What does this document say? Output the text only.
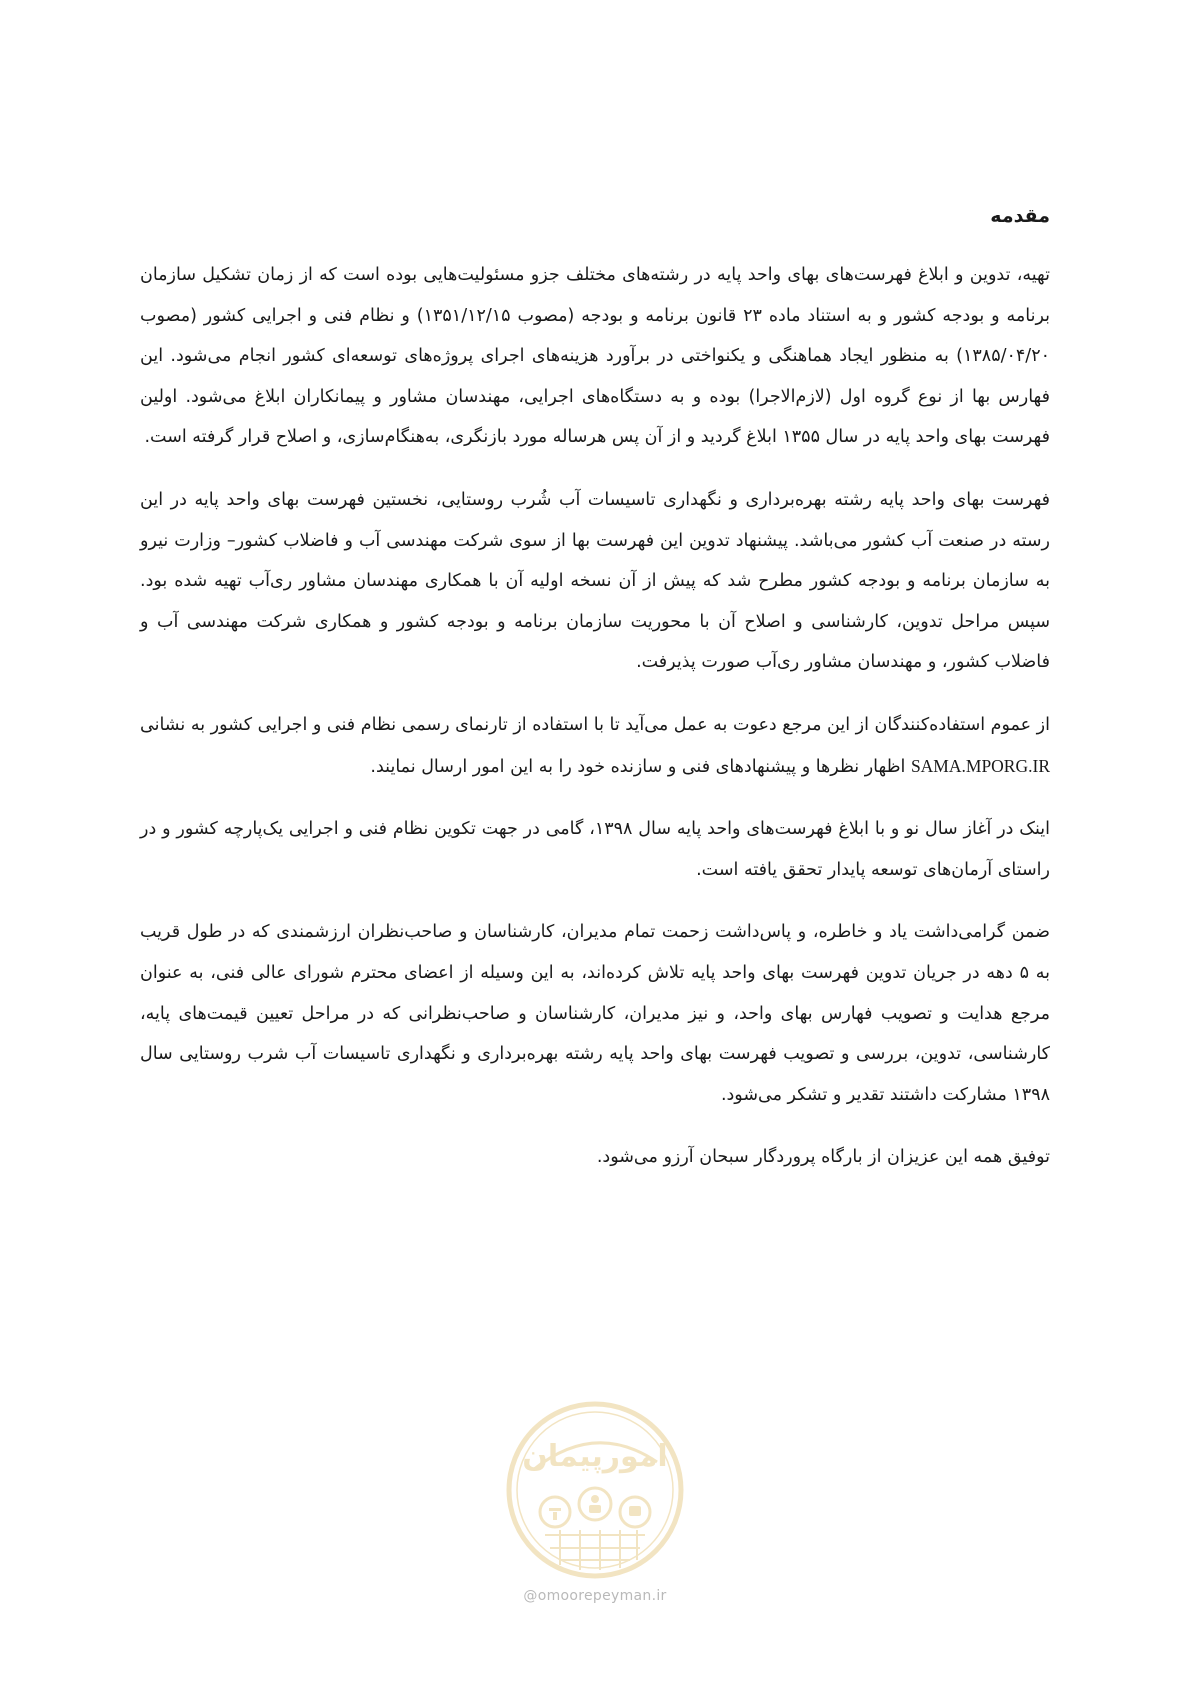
مقدمه

تهیه، تدوین و ابلاغ فهرست‌های بهای واحد پایه در رشته‌های مختلف جزو مسئولیت‌هایی بوده است که از زمان تشکیل سازمان برنامه و بودجه کشور و به استناد ماده ۲۳ قانون برنامه و بودجه (مصوب ۱۳۵۱/۱۲/۱۵) و نظام فنی و اجرایی کشور (مصوب ۱۳۸۵/۰۴/۲۰) به منظور ایجاد هماهنگی و یکنواختی در برآورد هزینه‌های اجرای پروژه‌های توسعه‌ای کشور انجام می‌شود. این فهارس بها از نوع گروه اول (لازم‌الاجرا) بوده و به دستگاه‌های اجرایی، مهندسان مشاور و پیمانکاران ابلاغ می‌شود. اولین فهرست بهای واحد پایه در سال ۱۳۵۵ ابلاغ گردید و از آن پس هرساله مورد بازنگری، به‌هنگام‌سازی، و اصلاح قرار گرفته است.

فهرست بهای واحد پایه رشته بهره‌برداری و نگهداری تاسیسات آب شُرب روستایی، نخستین فهرست بهای واحد پایه در این رسته در صنعت آب کشور می‌باشد. پیشنهاد تدوین این فهرست بها از سوی شرکت مهندسی آب و فاضلاب کشور– وزارت نیرو به سازمان برنامه و بودجه کشور مطرح شد که پیش از آن نسخه اولیه آن با همکاری مهندسان مشاور ری‌آب تهیه شده بود. سپس مراحل تدوین، کارشناسی و اصلاح آن با محوریت سازمان برنامه و بودجه کشور و همکاری شرکت مهندسی آب و فاضلاب کشور، و مهندسان مشاور ری‌آب صورت پذیرفت.

از عموم استفاده‌کنندگان از این مرجع دعوت به عمل می‌آید تا با استفاده از تارنمای رسمی نظام فنی و اجرایی کشور به نشانی SAMA.MPORG.IR اظهار نظرها و پیشنهادهای فنی و سازنده خود را به این امور ارسال نمایند.

اینک در آغاز سال نو و با ابلاغ فهرست‌های واحد پایه سال ۱۳۹۸، گامی در جهت تکوین نظام فنی و اجرایی یک‌پارچه کشور و در راستای آرمان‌های توسعه پایدار تحقق یافته است.

ضمن گرامی‌داشت یاد و خاطره، و پاس‌داشت زحمت تمام مدیران، کارشناسان و صاحب‌نظران ارزشمندی که در طول قریب به ۵ دهه در جریان تدوین فهرست بهای واحد پایه تلاش کرده‌اند، به این وسیله از اعضای محترم شورای عالی فنی، به عنوان مرجع هدایت و تصویب فهارس بهای واحد، و نیز مدیران، کارشناسان و صاحب‌نظرانی که در مراحل تعیین قیمت‌های پایه، کارشناسی، تدوین، بررسی و تصویب فهرست بهای واحد پایه رشته بهره‌برداری و نگهداری تاسیسات آب شرب روستایی سال ۱۳۹۸ مشارکت داشتند تقدیر و تشکر می‌شود.

توفیق همه این عزیزان از بارگاه پروردگار سبحان آرزو می‌شود.

امورپیمان
@omoorepeyman.ir
